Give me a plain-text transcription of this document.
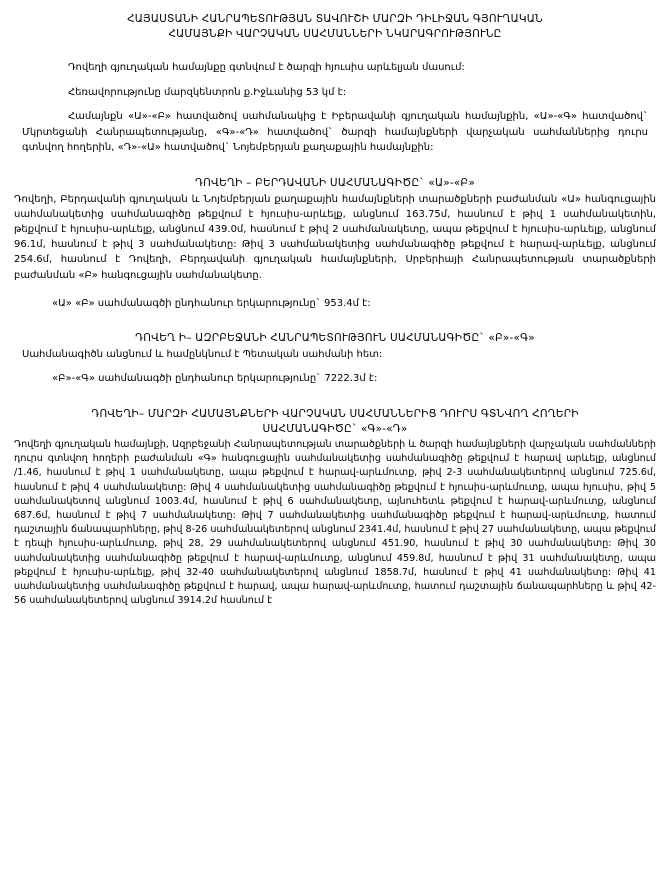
ՀԱՅԱՍՏԱՆԻ ՀԱՆՐԱՊԵՏՈՒԹՅԱՆ ՏԱՎՈՒՇԻ ՄԱՐԶԻ ԴԻԼԻՋԱՆ ԳՅՈՒՂԱԿԱՆ
ՀԱՄԱՅՆՔԻ ՎԱՐՉԱԿԱՆ ՍԱՀՄԱՆՆԵՐԻ ՆԿԱՐԱԳՐՈՒԹՅՈՒՆԸ
Դովեղի գյուղական համայնքը գտնվում է ծարզի հյուսիս արևելյան մասում:
Հեռավորությունը մարզկենտրոն ք.Իջևանից 53 կմ է:
Համայնքն «Ա»-«Բ» հատվածով սահմանակից է Իբերավանի գյուղական համայնքին, «Ա»-«Գ» հատվածով` Մկրտեցանի Հանրապետությանը, «Գ»-«Դ» հատվածով` ծարզի համայնքների վարչական սահմաններից դուրս գտնվող հողերին, «Դ»-«Ա» հատվածով` Նոյեմբերյան քաղաքային համայնքին:
ԴՈՎԵՂԻ – ԲԵՐԴԱՎԱՆԻ ՍԱՀՄԱՆԱԳԻԾԸ` «Ա»-«Բ»
Դովեղի, Բերդավանի գյուղական և Նոյեմբերյան քաղաքային համայնքների տարածքների բաժանման «Ա» հանգուցային սահմանակետից սահմանագիծը թեքվում է հյուսիս-արևելք, անցնում 163.75մ, հասնում է թիվ 1 սահմանակետին, թեքվում է հյուսիս-արևելք, անցնում 439.0մ, հասնում է թիվ 2 սահմանակետը, ապա թեքվում է հյուսիս-արևելք, անցնում 96.1մ, հասնում է թիվ 3 սահմանակետը: Թիվ 3 սահմանակետից սահմանագիծը թեքվում է հարավ-արևելք, անցնում 254.6մ, հասնում է Դովեղի, Բերդավանի գյուղական համայնքների, Սրբերիայի Հանրապետության տարածքների բաժանման «Բ» հանգուցային սահմանակետը.
«Ա» «Բ» սահմանագծի ընդհանուր երկարությունը` 953.4մ է:
ԴՈՎԵՂ Ի– ԱԶՐԲԵՋԱՆԻ ՀԱՆՐԱՊԵՏՈՒԹՅՈՒՆ ՍԱՀՄԱՆԱԳԻԾԸ` «Բ»-«Գ»
Սահմանագիծն անցնում և համընկնում է Պետական սահմանի հետ:
«Բ»-«Գ» սահմանագծի ընդհանուր երկարությունը` 7222.3մ է:
ԴՈՎԵՂԻ– ՄԱՐԶԻ ՀԱՄԱՅՆՔՆԵՐԻ ՎԱՐՉԱԿԱՆ ՍԱՀՄԱՆՆԵՐԻՑ ԴՈՒՐՍ ԳՏՆՎՈՂ ՀՈՂԵՐԻ
ՍԱՀՄԱՆԱԳԻԾԸ` «Գ»-«Դ»
Դովեղի գյուղական համայնքի, Ազրբեջանի Հանրապետության տարածքների և ծարզի համայնքների վարչական սահմանների դուրս գտնվող հողերի բաժանման «Գ» հանգուցային սահմանակետից սահմանագիծը թեքվում է հարավ արևելք, անցնում /1.46, հասնում է թիվ 1 սահմանակետը, ապա թեքվում է հարավ-արևմուտք, թիվ 2-3 սահմանակետերով անցնում 725.6մ, հասնում է թիվ 4 սահմանակետը: Թիվ 4 սահմանակետից սահմանագիծը թեքվում է հյուսիս-արևմուտք, ապա հյուսիս, թիվ 5 սահմանակետով անցնում 1003.4մ, հասնում է թիվ 6 սահմանակետը, այնուհետև թեքվում է հարավ-արևմուտք, անցնում 687.6մ, հասնում է թիվ 7 սահմանակետը: Թիվ 7 սահմանակետից սահմանագիծը թեքվում է հարավ-արևմուտք, հատում դաշտային ճանապարհները, թիվ 8-26 սահմանակետերով անցնում 2341.4մ, հասնում է թիվ 27 սահմանակետը, ապա թեքվում է դեպի հյուսիս-արևմուտք, թիվ 28, 29 սահմանակետերով անցնում 451.90, հասնում է թիվ 30 սահմանակետը: Թիվ 30 սահմանակետից սահմանագիծը թեքվում է հարավ-արևմուտք, անցնում 459.8մ, հասնում է թիվ 31 սահմանակետը, ապա թեքվում է հյուսիս-արևելք, թիվ 32-40 սահմանակետերով անցնում 1858.7մ, հասնում է թիվ 41 սահմանակետը: Թիվ 41 սահմանակետից սահմանագիծը թեքվում է հարավ, ապա հարավ-արևմուտք, հատում դաշտային ճանապարհները և թիվ 42-56 սահմանակետերով անցնում 3914.2մ հասնում է
